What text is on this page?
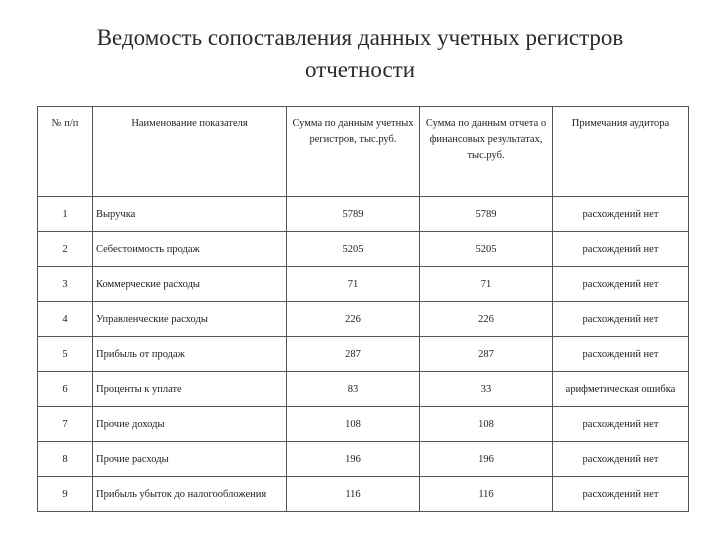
Ведомость сопоставления данных учетных регистров
отчетности
№ п/п	Наименование показателя	Сумма по данным учетных регистров, тыс.руб.	Сумма по данным отчета о финансовых результатах, тыс.руб.	Примечания аудитора
1	Выручка	5789	5789	расхождений нет
2	Себестоимость продаж	5205	5205	расхождений нет
3	Коммерческие расходы	71	71	расхождений нет
4	Управленческие расходы	226	226	расхождений нет
5	Прибыль от продаж	287	287	расхождений нет
6	Проценты к уплате	83	33	арифметическая ошибка
7	Прочие доходы	108	108	расхождений нет
8	Прочие расходы	196	196	расхождений нет
9	Прибыль убыток до налогообложения	116	116	расхождений нет
